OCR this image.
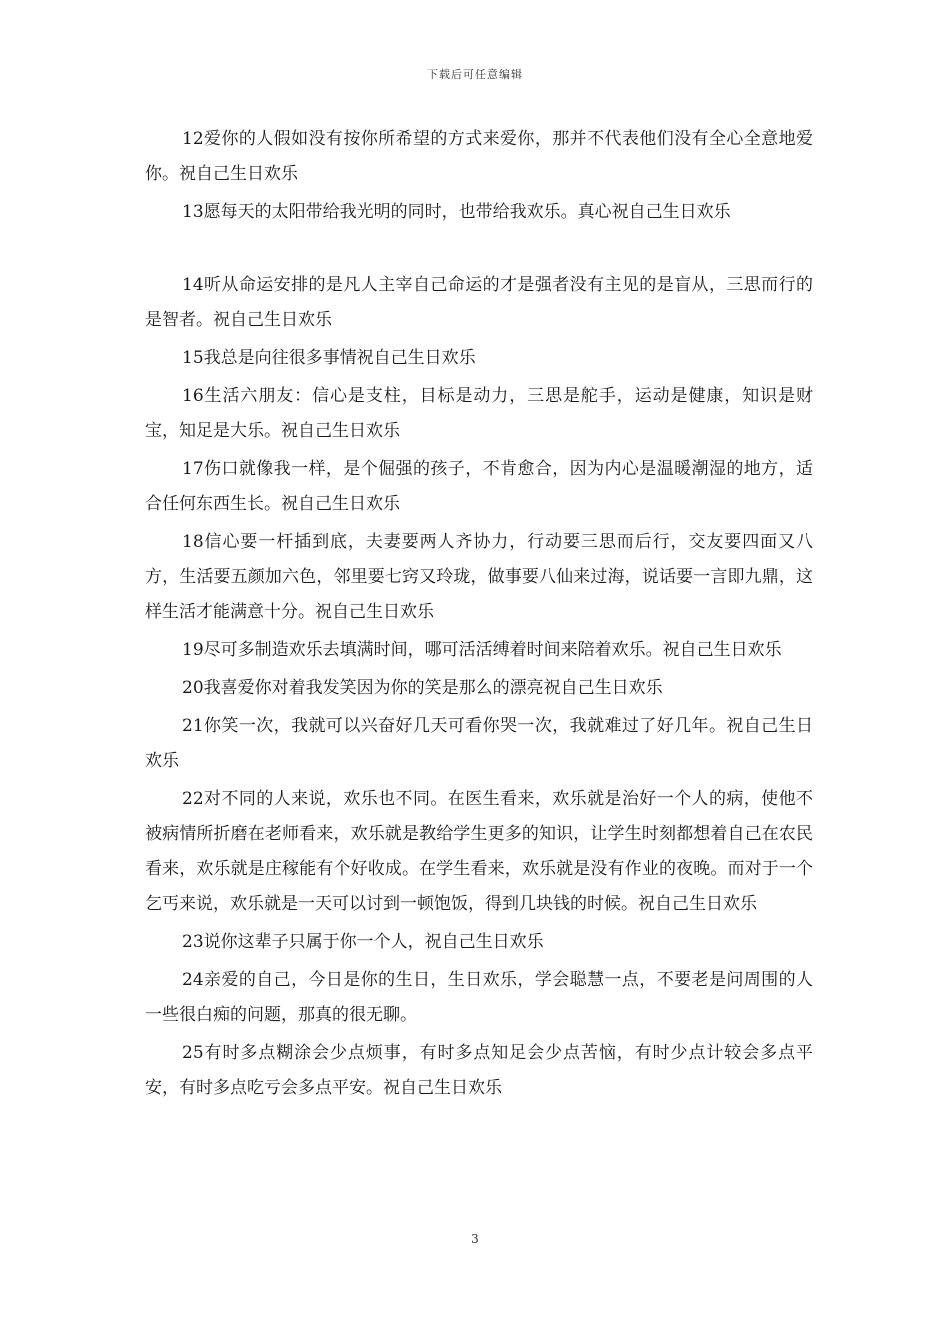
下载后可任意编辑

12爱你的人假如没有按你所希望的方式来爱你，那并不代表他们没有全心全意地爱你。祝自己生日欢乐

13愿每天的太阳带给我光明的同时，也带给我欢乐。真心祝自己生日欢乐

14听从命运安排的是凡人主宰自己命运的才是强者没有主见的是盲从，三思而行的是智者。祝自己生日欢乐

15我总是向往很多事情祝自己生日欢乐

16生活六朋友：信心是支柱，目标是动力，三思是舵手，运动是健康，知识是财宝，知足是大乐。祝自己生日欢乐

17伤口就像我一样，是个倔强的孩子，不肯愈合，因为内心是温暖潮湿的地方，适合任何东西生长。祝自己生日欢乐

18信心要一杆插到底，夫妻要两人齐协力，行动要三思而后行，交友要四面又八方，生活要五颜加六色，邻里要七窍又玲珑，做事要八仙来过海，说话要一言即九鼎，这样生活才能满意十分。祝自己生日欢乐

19尽可多制造欢乐去填满时间，哪可活活缚着时间来陪着欢乐。祝自己生日欢乐

20我喜爱你对着我发笑因为你的笑是那么的漂亮祝自己生日欢乐

21你笑一次，我就可以兴奋好几天可看你哭一次，我就难过了好几年。祝自己生日欢乐

22对不同的人来说，欢乐也不同。在医生看来，欢乐就是治好一个人的病，使他不被病情所折磨在老师看来，欢乐就是教给学生更多的知识，让学生时刻都想着自己在农民看来，欢乐就是庄稼能有个好收成。在学生看来，欢乐就是没有作业的夜晚。而对于一个乞丐来说，欢乐就是一天可以讨到一顿饱饭，得到几块钱的时候。祝自己生日欢乐

23说你这辈子只属于你一个人，祝自己生日欢乐

24亲爱的自己，今日是你的生日，生日欢乐，学会聪慧一点，不要老是问周围的人一些很白痴的问题，那真的很无聊。

25有时多点糊涂会少点烦事，有时多点知足会少点苦恼，有时少点计较会多点平安，有时多点吃亏会多点平安。祝自己生日欢乐

3
